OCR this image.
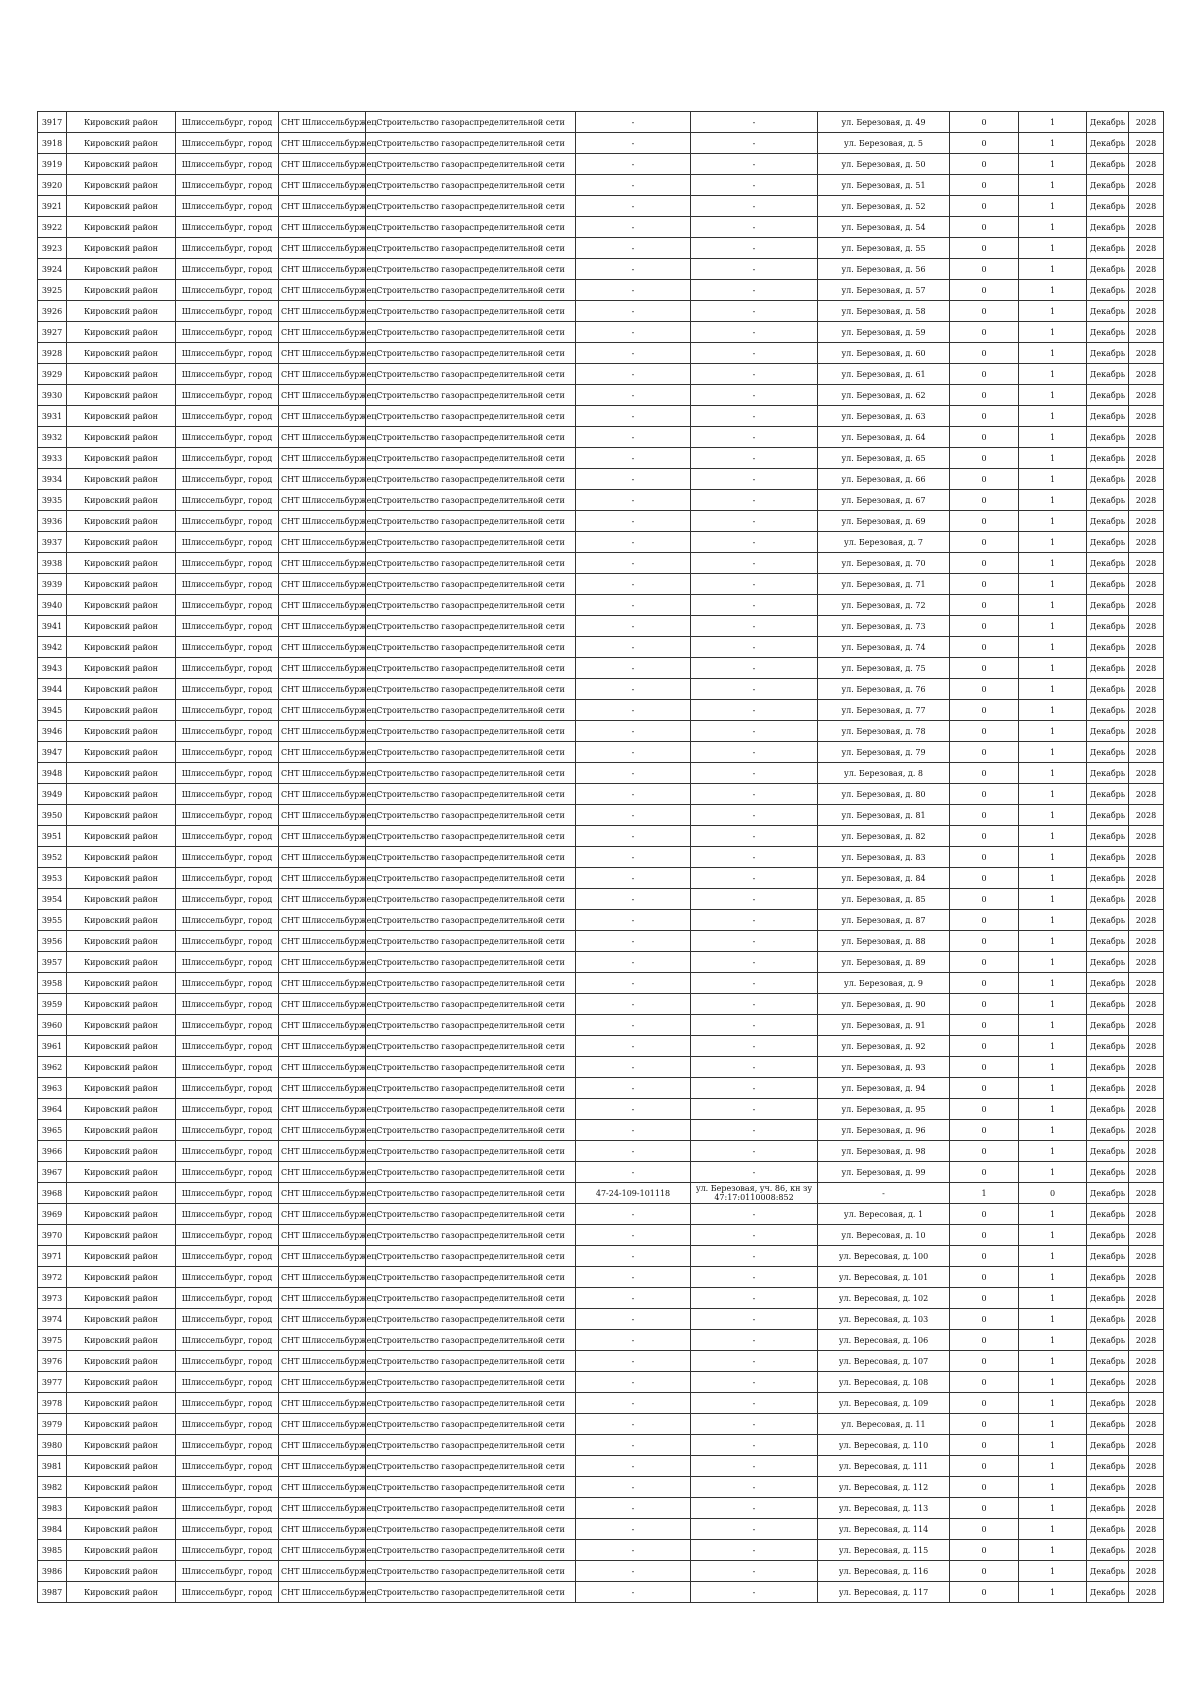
3917	Кировский район	Шлиссельбург, город	СНТ Шлиссельбуржец	Строительство газораспределительной сети	-	-	ул. Березовая, д. 49	0	1	Декабрь	2028
3918	Кировский район	Шлиссельбург, город	СНТ Шлиссельбуржец	Строительство газораспределительной сети	-	-	ул. Березовая, д. 5	0	1	Декабрь	2028
3919	Кировский район	Шлиссельбург, город	СНТ Шлиссельбуржец	Строительство газораспределительной сети	-	-	ул. Березовая, д. 50	0	1	Декабрь	2028
3920	Кировский район	Шлиссельбург, город	СНТ Шлиссельбуржец	Строительство газораспределительной сети	-	-	ул. Березовая, д. 51	0	1	Декабрь	2028
3921	Кировский район	Шлиссельбург, город	СНТ Шлиссельбуржец	Строительство газораспределительной сети	-	-	ул. Березовая, д. 52	0	1	Декабрь	2028
3922	Кировский район	Шлиссельбург, город	СНТ Шлиссельбуржец	Строительство газораспределительной сети	-	-	ул. Березовая, д. 54	0	1	Декабрь	2028
3923	Кировский район	Шлиссельбург, город	СНТ Шлиссельбуржец	Строительство газораспределительной сети	-	-	ул. Березовая, д. 55	0	1	Декабрь	2028
3924	Кировский район	Шлиссельбург, город	СНТ Шлиссельбуржец	Строительство газораспределительной сети	-	-	ул. Березовая, д. 56	0	1	Декабрь	2028
3925	Кировский район	Шлиссельбург, город	СНТ Шлиссельбуржец	Строительство газораспределительной сети	-	-	ул. Березовая, д. 57	0	1	Декабрь	2028
3926	Кировский район	Шлиссельбург, город	СНТ Шлиссельбуржец	Строительство газораспределительной сети	-	-	ул. Березовая, д. 58	0	1	Декабрь	2028
3927	Кировский район	Шлиссельбург, город	СНТ Шлиссельбуржец	Строительство газораспределительной сети	-	-	ул. Березовая, д. 59	0	1	Декабрь	2028
3928	Кировский район	Шлиссельбург, город	СНТ Шлиссельбуржец	Строительство газораспределительной сети	-	-	ул. Березовая, д. 60	0	1	Декабрь	2028
3929	Кировский район	Шлиссельбург, город	СНТ Шлиссельбуржец	Строительство газораспределительной сети	-	-	ул. Березовая, д. 61	0	1	Декабрь	2028
3930	Кировский район	Шлиссельбург, город	СНТ Шлиссельбуржец	Строительство газораспределительной сети	-	-	ул. Березовая, д. 62	0	1	Декабрь	2028
3931	Кировский район	Шлиссельбург, город	СНТ Шлиссельбуржец	Строительство газораспределительной сети	-	-	ул. Березовая, д. 63	0	1	Декабрь	2028
3932	Кировский район	Шлиссельбург, город	СНТ Шлиссельбуржец	Строительство газораспределительной сети	-	-	ул. Березовая, д. 64	0	1	Декабрь	2028
3933	Кировский район	Шлиссельбург, город	СНТ Шлиссельбуржец	Строительство газораспределительной сети	-	-	ул. Березовая, д. 65	0	1	Декабрь	2028
3934	Кировский район	Шлиссельбург, город	СНТ Шлиссельбуржец	Строительство газораспределительной сети	-	-	ул. Березовая, д. 66	0	1	Декабрь	2028
3935	Кировский район	Шлиссельбург, город	СНТ Шлиссельбуржец	Строительство газораспределительной сети	-	-	ул. Березовая, д. 67	0	1	Декабрь	2028
3936	Кировский район	Шлиссельбург, город	СНТ Шлиссельбуржец	Строительство газораспределительной сети	-	-	ул. Березовая, д. 69	0	1	Декабрь	2028
3937	Кировский район	Шлиссельбург, город	СНТ Шлиссельбуржец	Строительство газораспределительной сети	-	-	ул. Березовая, д. 7	0	1	Декабрь	2028
3938	Кировский район	Шлиссельбург, город	СНТ Шлиссельбуржец	Строительство газораспределительной сети	-	-	ул. Березовая, д. 70	0	1	Декабрь	2028
3939	Кировский район	Шлиссельбург, город	СНТ Шлиссельбуржец	Строительство газораспределительной сети	-	-	ул. Березовая, д. 71	0	1	Декабрь	2028
3940	Кировский район	Шлиссельбург, город	СНТ Шлиссельбуржец	Строительство газораспределительной сети	-	-	ул. Березовая, д. 72	0	1	Декабрь	2028
3941	Кировский район	Шлиссельбург, город	СНТ Шлиссельбуржец	Строительство газораспределительной сети	-	-	ул. Березовая, д. 73	0	1	Декабрь	2028
3942	Кировский район	Шлиссельбург, город	СНТ Шлиссельбуржец	Строительство газораспределительной сети	-	-	ул. Березовая, д. 74	0	1	Декабрь	2028
3943	Кировский район	Шлиссельбург, город	СНТ Шлиссельбуржец	Строительство газораспределительной сети	-	-	ул. Березовая, д. 75	0	1	Декабрь	2028
3944	Кировский район	Шлиссельбург, город	СНТ Шлиссельбуржец	Строительство газораспределительной сети	-	-	ул. Березовая, д. 76	0	1	Декабрь	2028
3945	Кировский район	Шлиссельбург, город	СНТ Шлиссельбуржец	Строительство газораспределительной сети	-	-	ул. Березовая, д. 77	0	1	Декабрь	2028
3946	Кировский район	Шлиссельбург, город	СНТ Шлиссельбуржец	Строительство газораспределительной сети	-	-	ул. Березовая, д. 78	0	1	Декабрь	2028
3947	Кировский район	Шлиссельбург, город	СНТ Шлиссельбуржец	Строительство газораспределительной сети	-	-	ул. Березовая, д. 79	0	1	Декабрь	2028
3948	Кировский район	Шлиссельбург, город	СНТ Шлиссельбуржец	Строительство газораспределительной сети	-	-	ул. Березовая, д. 8	0	1	Декабрь	2028
3949	Кировский район	Шлиссельбург, город	СНТ Шлиссельбуржец	Строительство газораспределительной сети	-	-	ул. Березовая, д. 80	0	1	Декабрь	2028
3950	Кировский район	Шлиссельбург, город	СНТ Шлиссельбуржец	Строительство газораспределительной сети	-	-	ул. Березовая, д. 81	0	1	Декабрь	2028
3951	Кировский район	Шлиссельбург, город	СНТ Шлиссельбуржец	Строительство газораспределительной сети	-	-	ул. Березовая, д. 82	0	1	Декабрь	2028
3952	Кировский район	Шлиссельбург, город	СНТ Шлиссельбуржец	Строительство газораспределительной сети	-	-	ул. Березовая, д. 83	0	1	Декабрь	2028
3953	Кировский район	Шлиссельбург, город	СНТ Шлиссельбуржец	Строительство газораспределительной сети	-	-	ул. Березовая, д. 84	0	1	Декабрь	2028
3954	Кировский район	Шлиссельбург, город	СНТ Шлиссельбуржец	Строительство газораспределительной сети	-	-	ул. Березовая, д. 85	0	1	Декабрь	2028
3955	Кировский район	Шлиссельбург, город	СНТ Шлиссельбуржец	Строительство газораспределительной сети	-	-	ул. Березовая, д. 87	0	1	Декабрь	2028
3956	Кировский район	Шлиссельбург, город	СНТ Шлиссельбуржец	Строительство газораспределительной сети	-	-	ул. Березовая, д. 88	0	1	Декабрь	2028
3957	Кировский район	Шлиссельбург, город	СНТ Шлиссельбуржец	Строительство газораспределительной сети	-	-	ул. Березовая, д. 89	0	1	Декабрь	2028
3958	Кировский район	Шлиссельбург, город	СНТ Шлиссельбуржец	Строительство газораспределительной сети	-	-	ул. Березовая, д. 9	0	1	Декабрь	2028
3959	Кировский район	Шлиссельбург, город	СНТ Шлиссельбуржец	Строительство газораспределительной сети	-	-	ул. Березовая, д. 90	0	1	Декабрь	2028
3960	Кировский район	Шлиссельбург, город	СНТ Шлиссельбуржец	Строительство газораспределительной сети	-	-	ул. Березовая, д. 91	0	1	Декабрь	2028
3961	Кировский район	Шлиссельбург, город	СНТ Шлиссельбуржец	Строительство газораспределительной сети	-	-	ул. Березовая, д. 92	0	1	Декабрь	2028
3962	Кировский район	Шлиссельбург, город	СНТ Шлиссельбуржец	Строительство газораспределительной сети	-	-	ул. Березовая, д. 93	0	1	Декабрь	2028
3963	Кировский район	Шлиссельбург, город	СНТ Шлиссельбуржец	Строительство газораспределительной сети	-	-	ул. Березовая, д. 94	0	1	Декабрь	2028
3964	Кировский район	Шлиссельбург, город	СНТ Шлиссельбуржец	Строительство газораспределительной сети	-	-	ул. Березовая, д. 95	0	1	Декабрь	2028
3965	Кировский район	Шлиссельбург, город	СНТ Шлиссельбуржец	Строительство газораспределительной сети	-	-	ул. Березовая, д. 96	0	1	Декабрь	2028
3966	Кировский район	Шлиссельбург, город	СНТ Шлиссельбуржец	Строительство газораспределительной сети	-	-	ул. Березовая, д. 98	0	1	Декабрь	2028
3967	Кировский район	Шлиссельбург, город	СНТ Шлиссельбуржец	Строительство газораспределительной сети	-	-	ул. Березовая, д. 99	0	1	Декабрь	2028
3968	Кировский район	Шлиссельбург, город	СНТ Шлиссельбуржец	Строительство газораспределительной сети	47-24-109-101118	ул. Березовая, уч. 86, кн зу 47:17:0110008:852	-	1	0	Декабрь	2028
3969	Кировский район	Шлиссельбург, город	СНТ Шлиссельбуржец	Строительство газораспределительной сети	-	-	ул. Вересовая, д. 1	0	1	Декабрь	2028
3970	Кировский район	Шлиссельбург, город	СНТ Шлиссельбуржец	Строительство газораспределительной сети	-	-	ул. Вересовая, д. 10	0	1	Декабрь	2028
3971	Кировский район	Шлиссельбург, город	СНТ Шлиссельбуржец	Строительство газораспределительной сети	-	-	ул. Вересовая, д. 100	0	1	Декабрь	2028
3972	Кировский район	Шлиссельбург, город	СНТ Шлиссельбуржец	Строительство газораспределительной сети	-	-	ул. Вересовая, д. 101	0	1	Декабрь	2028
3973	Кировский район	Шлиссельбург, город	СНТ Шлиссельбуржец	Строительство газораспределительной сети	-	-	ул. Вересовая, д. 102	0	1	Декабрь	2028
3974	Кировский район	Шлиссельбург, город	СНТ Шлиссельбуржец	Строительство газораспределительной сети	-	-	ул. Вересовая, д. 103	0	1	Декабрь	2028
3975	Кировский район	Шлиссельбург, город	СНТ Шлиссельбуржец	Строительство газораспределительной сети	-	-	ул. Вересовая, д. 106	0	1	Декабрь	2028
3976	Кировский район	Шлиссельбург, город	СНТ Шлиссельбуржец	Строительство газораспределительной сети	-	-	ул. Вересовая, д. 107	0	1	Декабрь	2028
3977	Кировский район	Шлиссельбург, город	СНТ Шлиссельбуржец	Строительство газораспределительной сети	-	-	ул. Вересовая, д. 108	0	1	Декабрь	2028
3978	Кировский район	Шлиссельбург, город	СНТ Шлиссельбуржец	Строительство газораспределительной сети	-	-	ул. Вересовая, д. 109	0	1	Декабрь	2028
3979	Кировский район	Шлиссельбург, город	СНТ Шлиссельбуржец	Строительство газораспределительной сети	-	-	ул. Вересовая, д. 11	0	1	Декабрь	2028
3980	Кировский район	Шлиссельбург, город	СНТ Шлиссельбуржец	Строительство газораспределительной сети	-	-	ул. Вересовая, д. 110	0	1	Декабрь	2028
3981	Кировский район	Шлиссельбург, город	СНТ Шлиссельбуржец	Строительство газораспределительной сети	-	-	ул. Вересовая, д. 111	0	1	Декабрь	2028
3982	Кировский район	Шлиссельбург, город	СНТ Шлиссельбуржец	Строительство газораспределительной сети	-	-	ул. Вересовая, д. 112	0	1	Декабрь	2028
3983	Кировский район	Шлиссельбург, город	СНТ Шлиссельбуржец	Строительство газораспределительной сети	-	-	ул. Вересовая, д. 113	0	1	Декабрь	2028
3984	Кировский район	Шлиссельбург, город	СНТ Шлиссельбуржец	Строительство газораспределительной сети	-	-	ул. Вересовая, д. 114	0	1	Декабрь	2028
3985	Кировский район	Шлиссельбург, город	СНТ Шлиссельбуржец	Строительство газораспределительной сети	-	-	ул. Вересовая, д. 115	0	1	Декабрь	2028
3986	Кировский район	Шлиссельбург, город	СНТ Шлиссельбуржец	Строительство газораспределительной сети	-	-	ул. Вересовая, д. 116	0	1	Декабрь	2028
3987	Кировский район	Шлиссельбург, город	СНТ Шлиссельбуржец	Строительство газораспределительной сети	-	-	ул. Вересовая, д. 117	0	1	Декабрь	2028
